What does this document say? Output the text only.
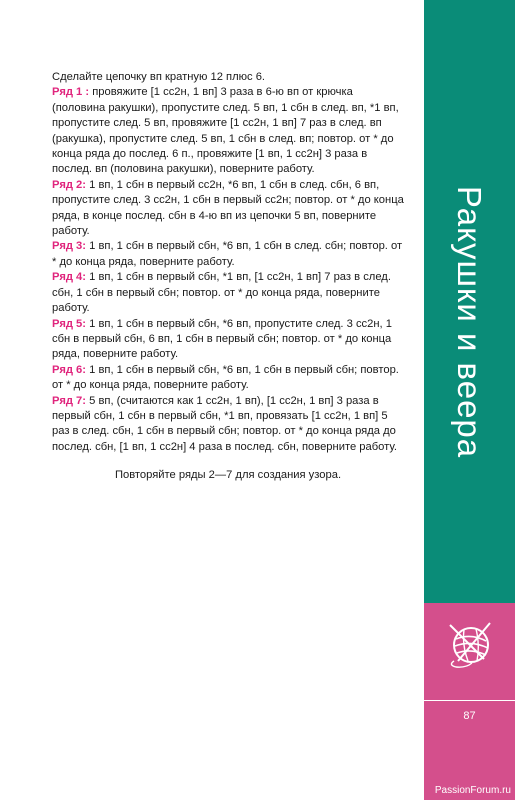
Сделайте цепочку вп кратную 12 плюс 6.

Ряд 1 : провяжите [1 сс2н, 1 вп] 3 раза в 6-ю вп от крючка (половина ракушки), пропустите след. 5 вп, 1 сбн в след. вп, *1 вп, пропустите след. 5 вп, провяжите [1 сс2н, 1 вп] 7 раз в след. вп (ракушка), пропустите след. 5 вп, 1 сбн в след. вп; повтор. от * до конца ряда до послед. 6 п., провяжите [1 вп, 1 сс2н] 3 раза в послед. вп (половина ракушки), поверните работу.

Ряд 2: 1 вп, 1 сбн в первый сс2н, *6 вп, 1 сбн в след. сбн, 6 вп, пропустите след. 3 сс2н, 1 сбн в первый сс2н; повтор. от * до конца ряда, в конце послед. сбн в 4-ю вп из цепочки 5 вп, поверните работу.

Ряд 3: 1 вп, 1 сбн в первый сбн, *6 вп, 1 сбн в след. сбн; повтор. от * до конца ряда, поверните работу.

Ряд 4: 1 вп, 1 сбн в первый сбн, *1 вп, [1 сс2н, 1 вп] 7 раз в след. сбн, 1 сбн в первый сбн; повтор. от * до конца ряда, поверните работу.

Ряд 5: 1 вп, 1 сбн в первый сбн, *6 вп, пропустите след. 3 сс2н, 1 сбн в первый сбн, 6 вп, 1 сбн в первый сбн; повтор. от * до конца ряда, поверните работу.

Ряд 6: 1 вп, 1 сбн в первый сбн, *6 вп, 1 сбн в первый сбн; повтор. от * до конца ряда, поверните работу.

Ряд 7: 5 вп, (считаются как 1 сс2н, 1 вп), [1 сс2н, 1 вп] 3 раза в первый сбн, 1 сбн в первый сбн, *1 вп, провязать [1 сс2н, 1 вп] 5 раз в след. сбн, 1 сбн в первый сбн; повтор. от * до конца ряда до послед. сбн, [1 вп, 1 сс2н] 4 раза в послед. сбн, поверните работу.

Повторяйте ряды 2—7 для создания узора.

Ракушки и веера
87
PassionForum.ru
